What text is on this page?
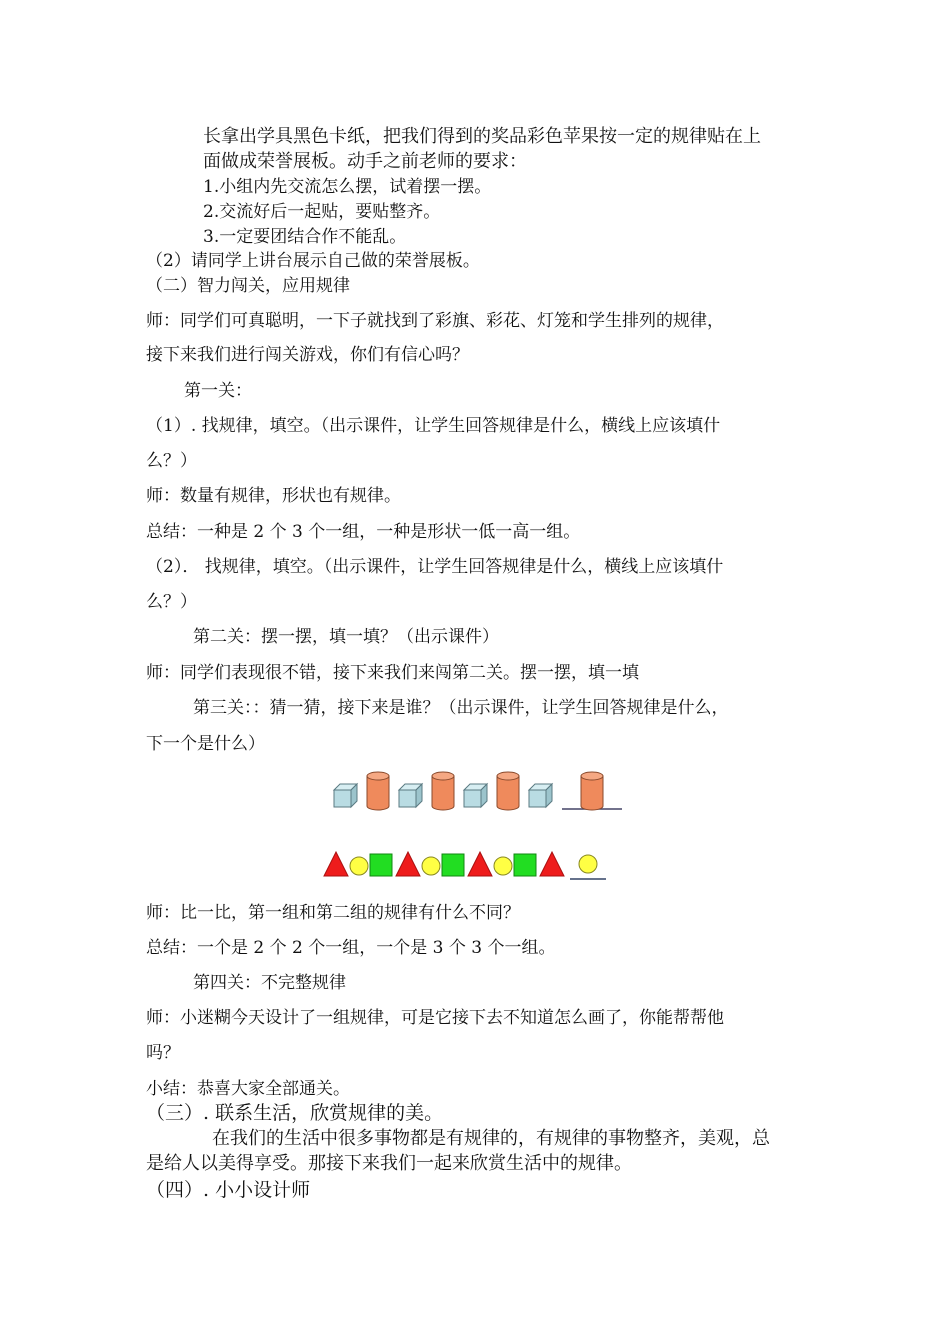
长拿出学具黑色卡纸，把我们得到的奖品彩色苹果按一定的规律贴在上
面做成荣誉展板。动手之前老师的要求：
1.小组内先交流怎么摆，试着摆一摆。
2.交流好后一起贴，要贴整齐。
3.一定要团结合作不能乱。
（2）请同学上讲台展示自己做的荣誉展板。
（二）智力闯关，应用规律
师：同学们可真聪明，一下子就找到了彩旗、彩花、灯笼和学生排列的规律，
接下来我们进行闯关游戏，你们有信心吗？
第一关：
（1）. 找规律，填空。（出示课件，让学生回答规律是什么，横线上应该填什
么？）
师：数量有规律，形状也有规律。
总结：一种是 2 个 3 个一组，一种是形状一低一高一组。
（2）． 找规律，填空。（出示课件，让学生回答规律是什么，横线上应该填什
么？）
第二关：摆一摆，填一填？（出示课件）
师：同学们表现很不错，接下来我们来闯第二关。摆一摆，填一填
第三关：：猜一猜，接下来是谁？（出示课件，让学生回答规律是什么，
下一个是什么）
师：比一比，第一组和第二组的规律有什么不同？
总结：一个是 2 个 2 个一组，一个是 3 个 3 个一组。
第四关：不完整规律
师：小迷糊今天设计了一组规律，可是它接下去不知道怎么画了，你能帮帮他
吗？
小结：恭喜大家全部通关。
（三）. 联系生活，欣赏规律的美。
在我们的生活中很多事物都是有规律的，有规律的事物整齐，美观，总
是给人以美得享受。那接下来我们一起来欣赏生活中的规律。
（四）. 小小设计师
